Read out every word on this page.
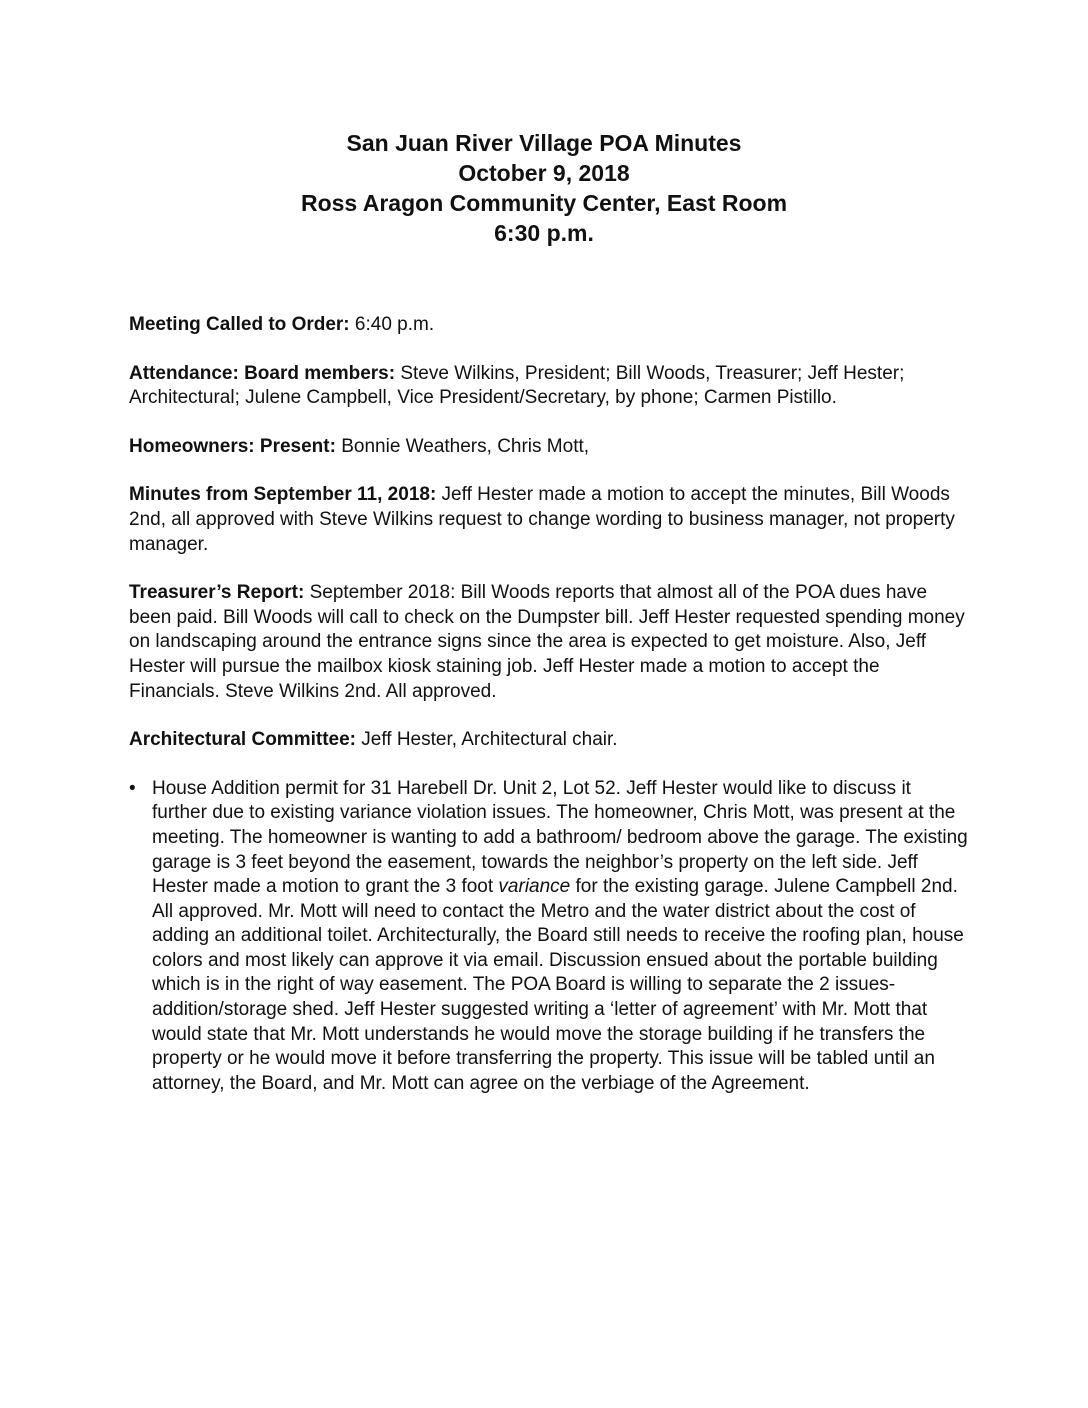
San Juan River Village POA Minutes
October 9, 2018
Ross Aragon Community Center, East Room
6:30 p.m.

Meeting Called to Order: 6:40 p.m.

Attendance: Board members: Steve Wilkins, President; Bill Woods, Treasurer; Jeff Hester; Architectural; Julene Campbell, Vice President/Secretary, by phone; Carmen Pistillo.

Homeowners: Present: Bonnie Weathers, Chris Mott,

Minutes from September 11, 2018: Jeff Hester made a motion to accept the minutes, Bill Woods 2nd, all approved with Steve Wilkins request to change wording to business manager, not property manager.

Treasurer’s Report: September 2018: Bill Woods reports that almost all of the POA dues have been paid. Bill Woods will call to check on the Dumpster bill. Jeff Hester requested spending money on landscaping around the entrance signs since the area is expected to get moisture. Also, Jeff Hester will pursue the mailbox kiosk staining job. Jeff Hester made a motion to accept the Financials. Steve Wilkins 2nd. All approved.

Architectural Committee: Jeff Hester, Architectural chair.

• House Addition permit for 31 Harebell Dr. Unit 2, Lot 52. Jeff Hester would like to discuss it further due to existing variance violation issues. The homeowner, Chris Mott, was present at the meeting. The homeowner is wanting to add a bathroom/ bedroom above the garage. The existing garage is 3 feet beyond the easement, towards the neighbor’s property on the left side. Jeff Hester made a motion to grant the 3 foot variance for the existing garage. Julene Campbell 2nd. All approved. Mr. Mott will need to contact the Metro and the water district about the cost of adding an additional toilet. Architecturally, the Board still needs to receive the roofing plan, house colors and most likely can approve it via email. Discussion ensued about the portable building which is in the right of way easement. The POA Board is willing to separate the 2 issues- addition/storage shed. Jeff Hester suggested writing a ‘letter of agreement’ with Mr. Mott that would state that Mr. Mott understands he would move the storage building if he transfers the property or he would move it before transferring the property. This issue will be tabled until an attorney, the Board, and Mr. Mott can agree on the verbiage of the Agreement.
